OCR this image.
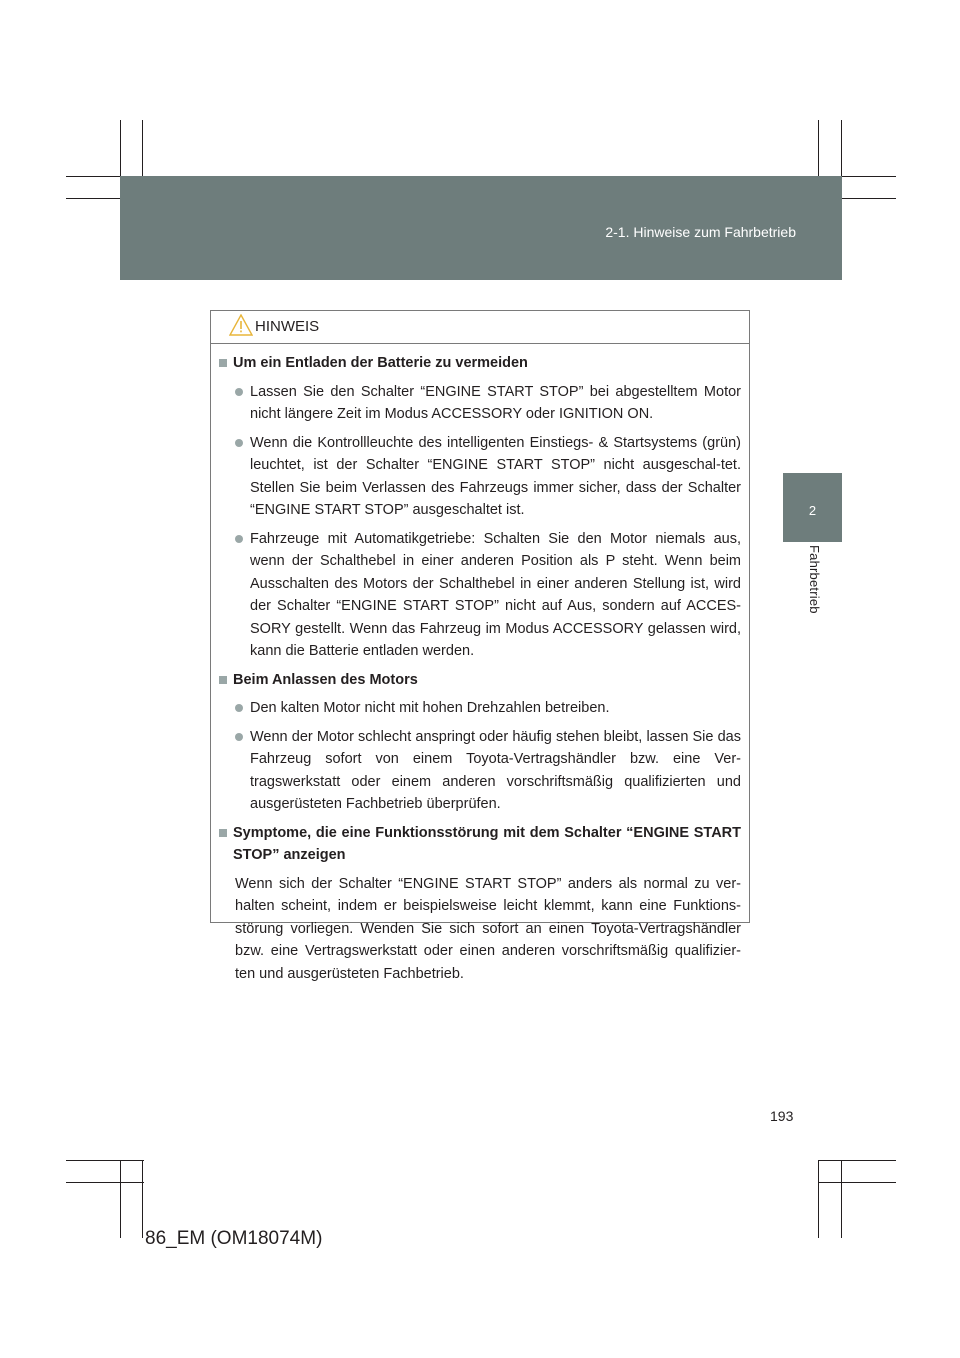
2-1. Hinweise zum Fahrbetrieb
2
Fahrbetrieb
HINWEIS
Um ein Entladen der Batterie zu vermeiden
Lassen Sie den Schalter “ENGINE START STOP” bei abgestelltem Motor nicht längere Zeit im Modus ACCESSORY oder IGNITION ON.
Wenn die Kontrollleuchte des intelligenten Einstiegs- & Startsystems (grün) leuchtet, ist der Schalter “ENGINE START STOP” nicht ausgeschal-tet. Stellen Sie beim Verlassen des Fahrzeugs immer sicher, dass der Schalter “ENGINE START STOP” ausgeschaltet ist.
Fahrzeuge mit Automatikgetriebe: Schalten Sie den Motor niemals aus, wenn der Schalthebel in einer anderen Position als P steht. Wenn beim Ausschalten des Motors der Schalthebel in einer anderen Stellung ist, wird der Schalter “ENGINE START STOP” nicht auf Aus, sondern auf ACCES-SORY gestellt. Wenn das Fahrzeug im Modus ACCESSORY gelassen wird, kann die Batterie entladen werden.
Beim Anlassen des Motors
Den kalten Motor nicht mit hohen Drehzahlen betreiben.
Wenn der Motor schlecht anspringt oder häufig stehen bleibt, lassen Sie das Fahrzeug sofort von einem Toyota-Vertragshändler bzw. eine Ver-tragswerkstatt oder einem anderen vorschriftsmäßig qualifizierten und ausgerüsteten Fachbetrieb überprüfen.
Symptome, die eine Funktionsstörung mit dem Schalter “ENGINE START STOP” anzeigen
Wenn sich der Schalter “ENGINE START STOP” anders als normal zu ver-halten scheint, indem er beispielsweise leicht klemmt, kann eine Funktions-störung vorliegen. Wenden Sie sich sofort an einen Toyota-Vertragshändler bzw. eine Vertragswerkstatt oder einen anderen vorschriftsmäßig qualifizier-ten und ausgerüsteten Fachbetrieb.
193
86_EM (OM18074M)
